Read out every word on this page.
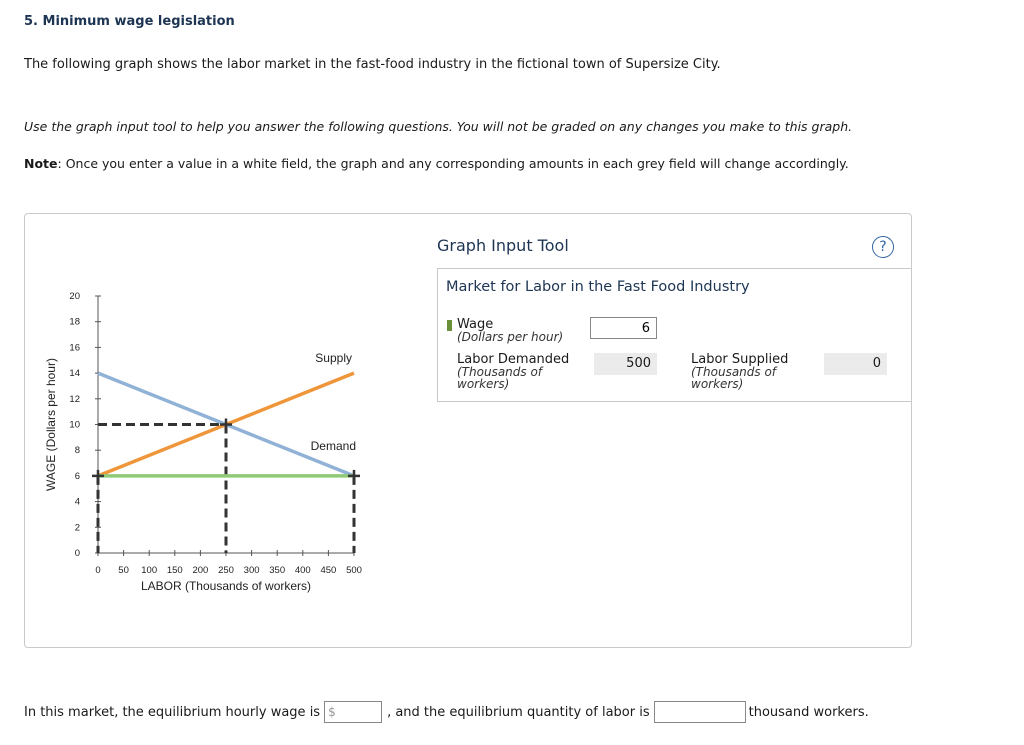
5. Minimum wage legislation
The following graph shows the labor market in the fast-food industry in the fictional town of Supersize City.
Use the graph input tool to help you answer the following questions. You will not be graded on any changes you make to this graph.
Note: Once you enter a value in a white field, the graph and any corresponding amounts in each grey field will change accordingly.
0
2
4
6
8
10
12
14
16
18
20
0 50 100 150 200 250 300 350 400 450 500
LABOR (Thousands of workers)
WAGE (Dollars per hour)	Supply
Demand
Graph Input Tool	?
Market for Labor in the Fast Food Industry
Wage
(Dollars per hour)
6
Labor Demanded
(Thousands of workers)
500	Labor Supplied
(Thousands of workers)
0
In this market, the equilibrium hourly wage is $	, and the equilibrium quantity of labor is	thousand workers.
